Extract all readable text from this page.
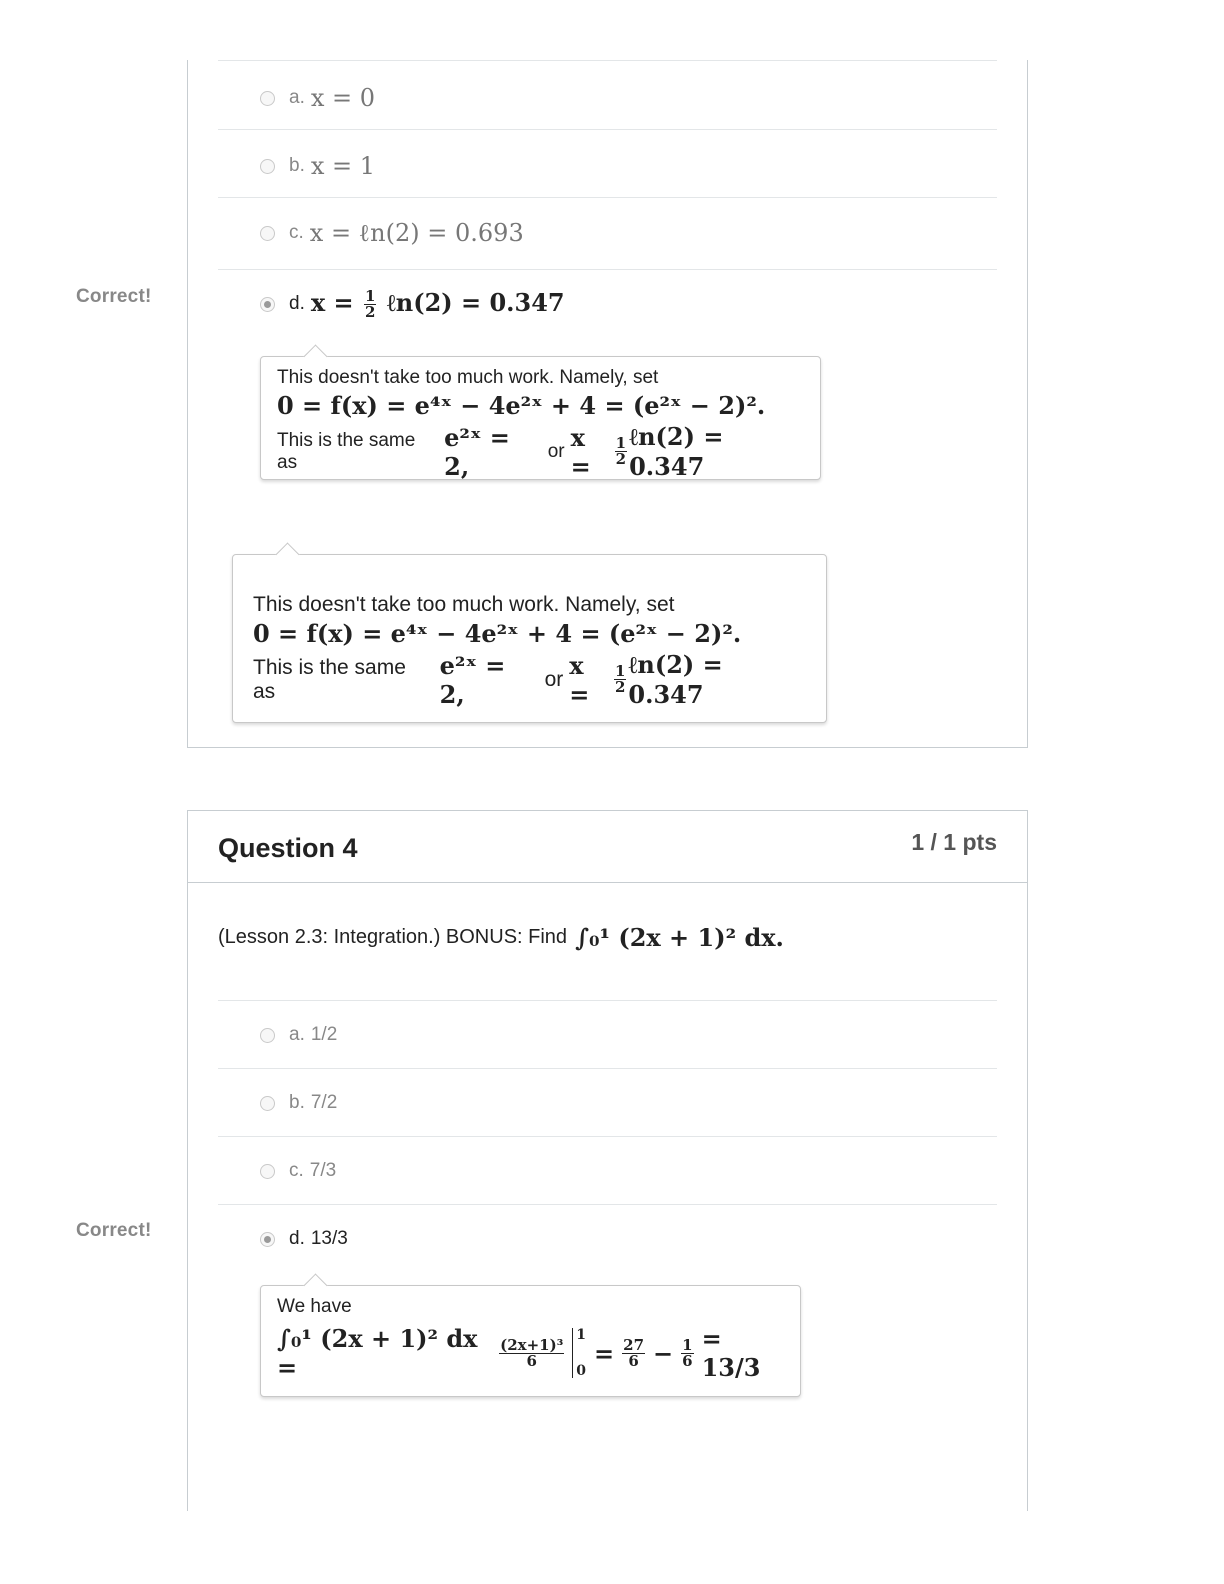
a. x = 0
b. x = 1
c. x = ℓn(2) = 0.693
d. $x = \frac{1}{2}$ ℓn(2) = 0.347
This doesn't take too much work. Namely, set
0 = f(x) = e⁴ˣ − 4e²ˣ + 4 = (e²ˣ − 2)².
This is the same as
e²ˣ = 2,
or x =	$\frac{1}{2}$ ℓn(2) = 0.347
This doesn't take too much work. Namely, set
0 = f(x) = e⁴ˣ − 4e²ˣ + 4 = (e²ˣ − 2)².
This is the same as
e²ˣ = 2,
or x =	$\frac{1}{2}$ ℓn(2) = 0.347
Correct!
Question 4	1 / 1 pts
(Lesson 2.3: Integration.) BONUS: Find ∫₀¹ (2x + 1)² dx.
a. 1/2
b. 7/2
c. 7/3
d. 13/3
We have
∫₀¹ (2x + 1)² dx =	$\frac{\text{(2x+1)³}}{6}$
1
0
= $\frac{27}{6} - \frac{1}{6} = 13/3$
Correct!
